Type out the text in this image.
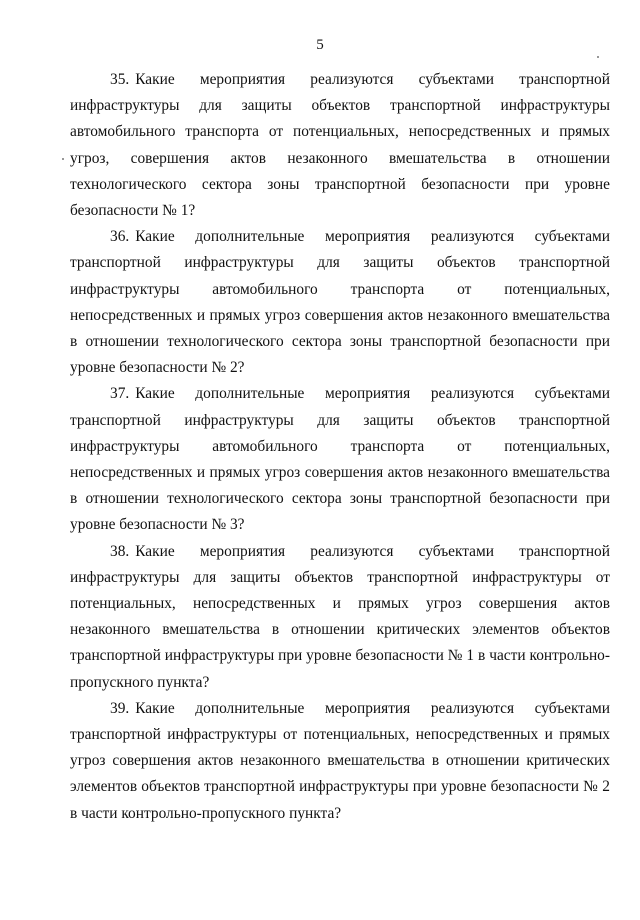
5

35. Какие мероприятия реализуются субъектами транспортной инфраструктуры для защиты объектов транспортной инфраструктуры автомобильного транспорта от потенциальных, непосредственных и прямых угроз, совершения актов незаконного вмешательства в отношении технологического сектора зоны транспортной безопасности при уровне безопасности № 1?

36. Какие дополнительные мероприятия реализуются субъектами транспортной инфраструктуры для защиты объектов транспортной инфраструктуры автомобильного транспорта от потенциальных, непосредственных и прямых угроз совершения актов незаконного вмешательства в отношении технологического сектора зоны транспортной безопасности при уровне безопасности № 2?

37. Какие дополнительные мероприятия реализуются субъектами транспортной инфраструктуры для защиты объектов транспортной инфраструктуры автомобильного транспорта от потенциальных, непосредственных и прямых угроз совершения актов незаконного вмешательства в отношении технологического сектора зоны транспортной безопасности при уровне безопасности № 3?

38. Какие мероприятия реализуются субъектами транспортной инфраструктуры для защиты объектов транспортной инфраструктуры от потенциальных, непосредственных и прямых угроз совершения актов незаконного вмешательства в отношении критических элементов объектов транспортной инфраструктуры при уровне безопасности № 1 в части контрольно-пропускного пункта?

39. Какие дополнительные мероприятия реализуются субъектами транспортной инфраструктуры от потенциальных, непосредственных и прямых угроз совершения актов незаконного вмешательства в отношении критических элементов объектов транспортной инфраструктуры при уровне безопасности № 2 в части контрольно-пропускного пункта?
